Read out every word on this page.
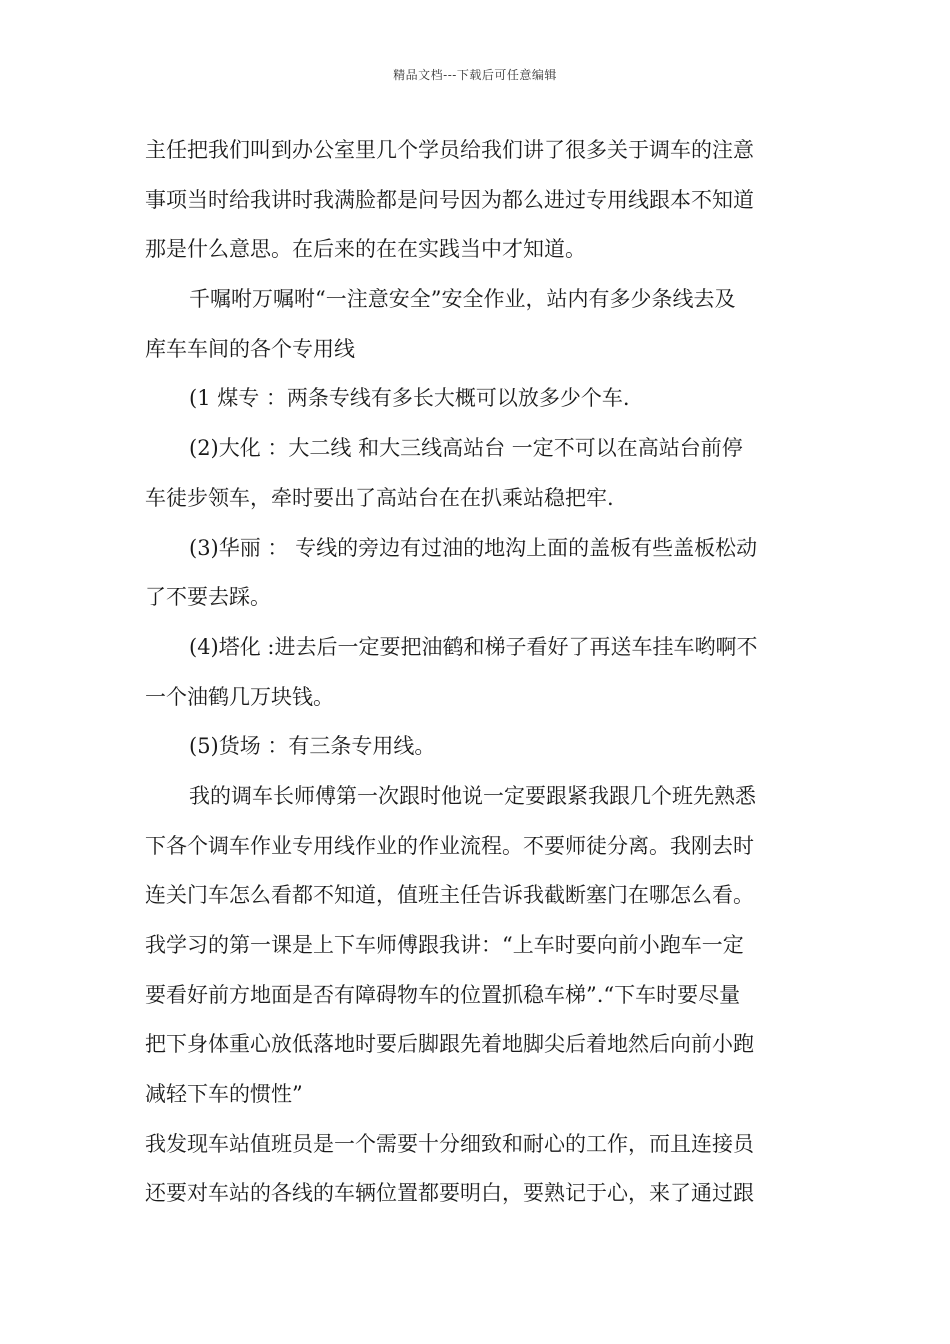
精品文档---下载后可任意编辑
主任把我们叫到办公室里几个学员给我们讲了很多关于调车的注意
事项当时给我讲时我满脸都是问号因为都么进过专用线跟本不知道
那是什么意思。在后来的在在实践当中才知道。
千嘱咐万嘱咐“一注意安全”安全作业，站内有多少条线去及
库车车间的各个专用线
(1 煤专 ：两条专线有多长大概可以放多少个车.
(2)大化 ：大二线 和大三线高站台 一定不可以在高站台前停
车徒步领车，牵时要出了高站台在在扒乘站稳把牢.
(3)华丽 ： 专线的旁边有过油的地沟上面的盖板有些盖板松动
了不要去踩。
(4)塔化 :进去后一定要把油鹤和梯子看好了再送车挂车哟啊不
一个油鹤几万块钱。
(5)货场 ：有三条专用线。
我的调车长师傅第一次跟时他说一定要跟紧我跟几个班先熟悉
下各个调车作业专用线作业的作业流程。不要师徒分离。我刚去时
连关门车怎么看都不知道，值班主任告诉我截断塞门在哪怎么看。
我学习的第一课是上下车师傅跟我讲：“上车时要向前小跑车一定
要看好前方地面是否有障碍物车的位置抓稳车梯”.“下车时要尽量
把下身体重心放低落地时要后脚跟先着地脚尖后着地然后向前小跑
减轻下车的惯性”
我发现车站值班员是一个需要十分细致和耐心的工作，而且连接员
还要对车站的各线的车辆位置都要明白，要熟记于心，来了通过跟
